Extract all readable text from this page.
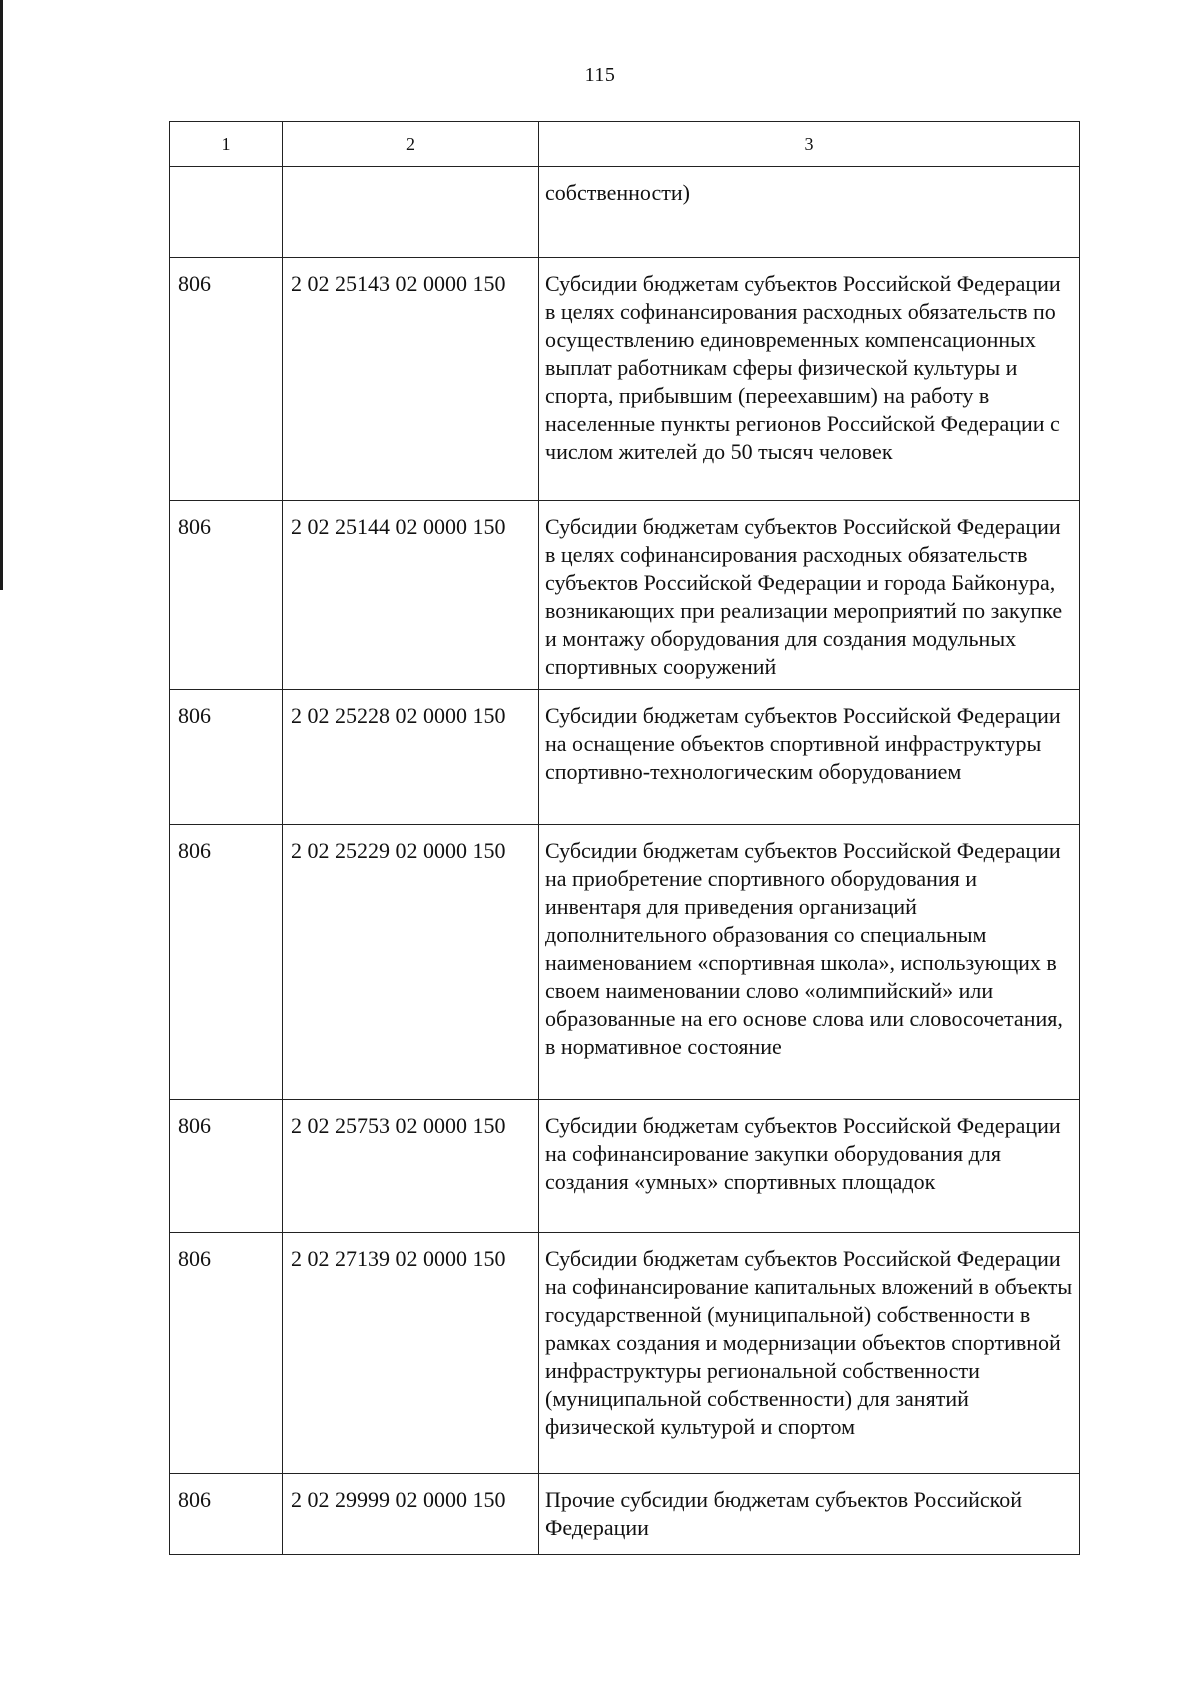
115
1	2	3

		собственности)

806	2 02 25143 02 0000 150	Субсидии бюджетам субъектов Российской Федерации в целях софинансирования расходных обязательств по осуществлению единовременных компенсационных выплат работникам сферы физической культуры и спорта, прибывшим (переехавшим) на работу в населенные пункты регионов Российской Федерации с числом жителей до 50 тысяч человек

806	2 02 25144 02 0000 150	Субсидии бюджетам субъектов Российской Федерации в целях софинансирования расходных обязательств субъектов Российской Федерации и города Байконура, возникающих при реализации мероприятий по закупке и монтажу оборудования для создания модульных спортивных сооружений

806	2 02 25228 02 0000 150	Субсидии бюджетам субъектов Российской Федерации на оснащение объектов спортивной инфраструктуры спортивно-технологическим оборудованием

806	2 02 25229 02 0000 150	Субсидии бюджетам субъектов Российской Федерации на приобретение спортивного оборудования и инвентаря для приведения организаций дополнительного образования со специальным наименованием «спортивная школа», использующих в своем наименовании слово «олимпийский» или образованные на его основе слова или словосочетания, в нормативное состояние

806	2 02 25753 02 0000 150	Субсидии бюджетам субъектов Российской Федерации на софинансирование закупки оборудования для создания «умных» спортивных площадок

806	2 02 27139 02 0000 150	Субсидии бюджетам субъектов Российской Федерации на софинансирование капитальных вложений в объекты государственной (муниципальной) собственности в рамках создания и модернизации объектов спортивной инфраструктуры региональной собственности (муниципальной собственности) для занятий физической культурой и спортом

806	2 02 29999 02 0000 150	Прочие субсидии бюджетам субъектов Российской Федерации
